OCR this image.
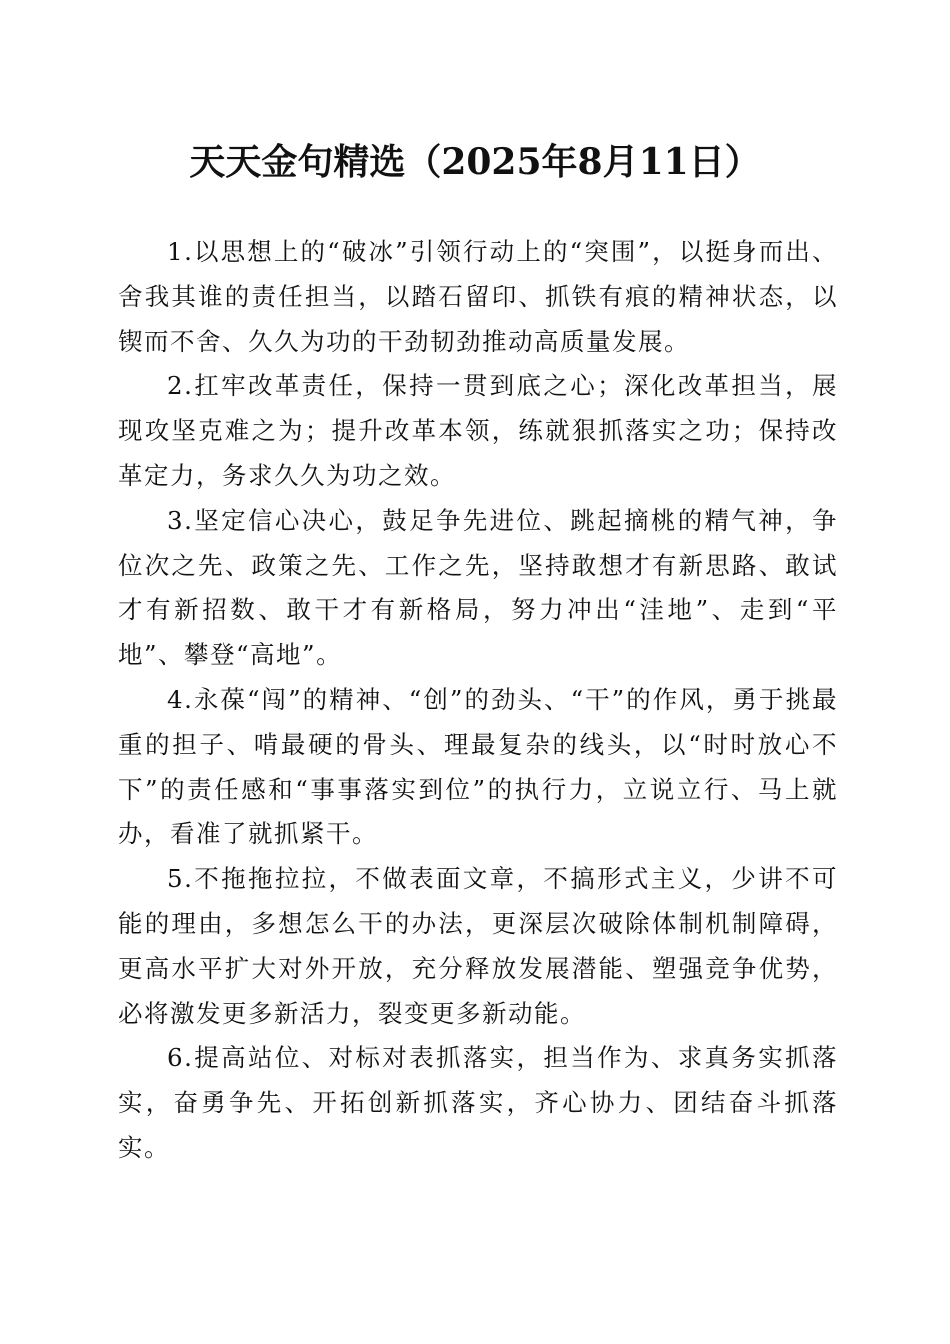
天天金句精选（2025年8月11日）

1.以思想上的“破冰”引领行动上的“突围”，以挺身而出、舍我其谁的责任担当，以踏石留印、抓铁有痕的精神状态，以锲而不舍、久久为功的干劲韧劲推动高质量发展。

2.扛牢改革责任，保持一贯到底之心；深化改革担当，展现攻坚克难之为；提升改革本领，练就狠抓落实之功；保持改革定力，务求久久为功之效。

3.坚定信心决心，鼓足争先进位、跳起摘桃的精气神，争位次之先、政策之先、工作之先，坚持敢想才有新思路、敢试才有新招数、敢干才有新格局，努力冲出“洼地”、走到“平地”、攀登“高地”。

4.永葆“闯”的精神、“创”的劲头、“干”的作风，勇于挑最重的担子、啃最硬的骨头、理最复杂的线头，以“时时放心不下”的责任感和“事事落实到位”的执行力，立说立行、马上就办，看准了就抓紧干。

5.不拖拖拉拉，不做表面文章，不搞形式主义，少讲不可能的理由，多想怎么干的办法，更深层次破除体制机制障碍，更高水平扩大对外开放，充分释放发展潜能、塑强竞争优势，必将激发更多新活力，裂变更多新动能。

6.提高站位、对标对表抓落实，担当作为、求真务实抓落实，奋勇争先、开拓创新抓落实，齐心协力、团结奋斗抓落实。
